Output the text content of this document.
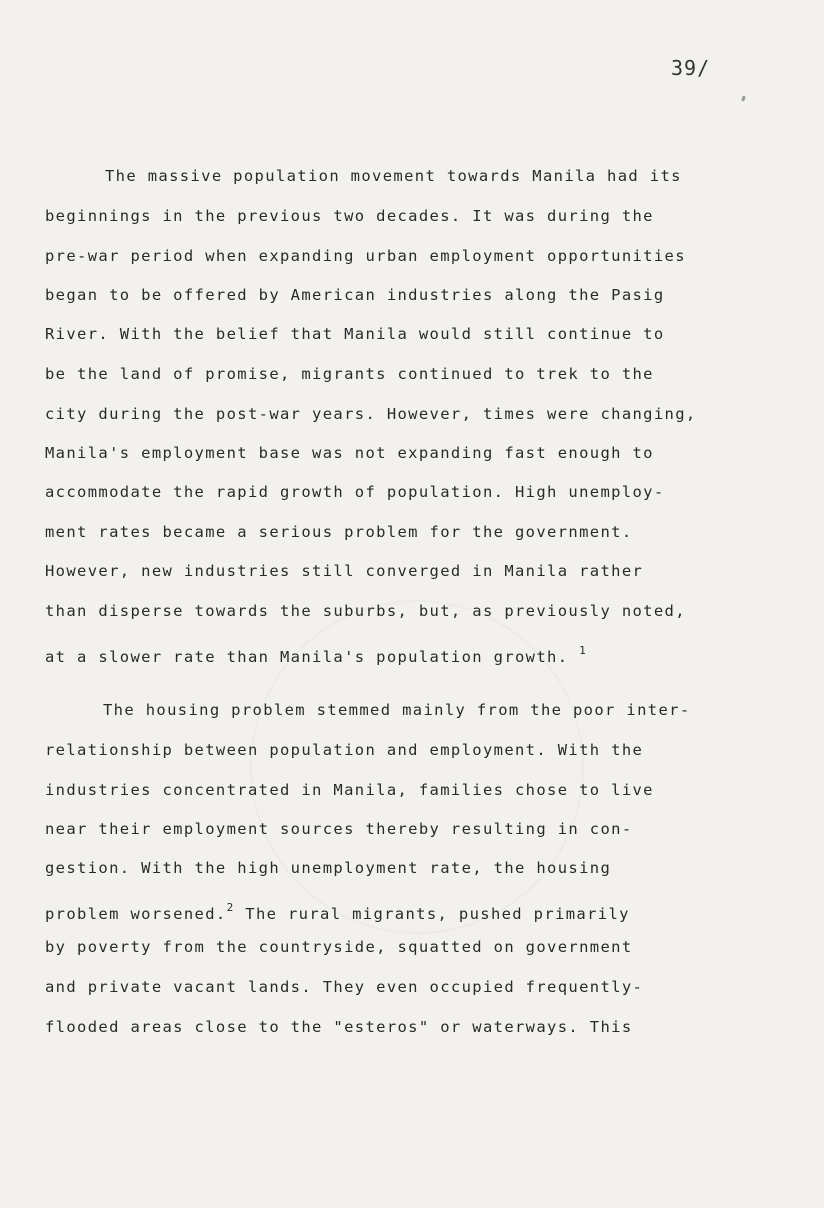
39/
The massive population movement towards Manila had its
beginnings in the previous two decades. It was during the
pre-war period when expanding urban employment opportunities
began to be offered by American industries along the Pasig
River. With the belief that Manila would still continue to
be the land of promise, migrants continued to trek to the
city during the post-war years. However, times were changing,
Manila's employment base was not expanding fast enough to
accommodate the rapid growth of population. High unemploy-
ment rates became a serious problem for the government.
However, new industries still converged in Manila rather
than disperse towards the suburbs, but, as previously noted,
at a slower rate than Manila's population growth. $^1$
The housing problem stemmed mainly from the poor inter-
relationship between population and employment. With the
industries concentrated in Manila, families chose to live
near their employment sources thereby resulting in con-
gestion. With the high unemployment rate, the housing
problem worsened.$^2$ The rural migrants, pushed primarily
by poverty from the countryside, squatted on government
and private vacant lands. They even occupied frequently-
flooded areas close to the "esteros" or waterways. This
